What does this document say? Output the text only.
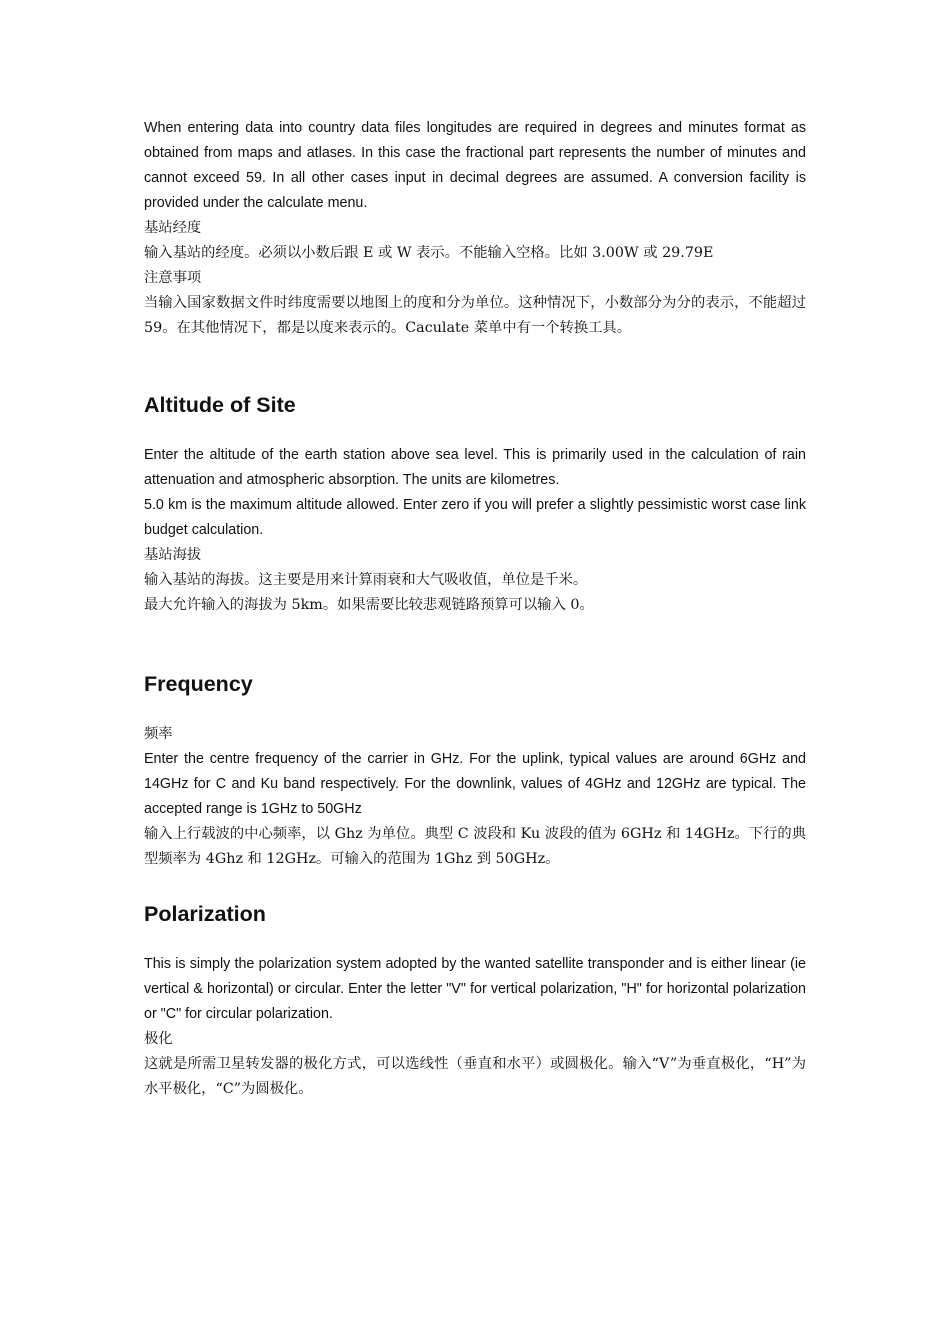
When entering data into country data files longitudes are required in degrees and minutes format as obtained from maps and atlases. In this case the fractional part represents the number of minutes and cannot exceed 59. In all other cases input in decimal degrees are assumed. A conversion facility is provided under the calculate menu.

基站经度

输入基站的经度。必须以小数后跟 E 或 W 表示。不能输入空格。比如 3.00W 或 29.79E

注意事项

当输入国家数据文件时纬度需要以地图上的度和分为单位。这种情况下，小数部分为分的表示，不能超过 59。在其他情况下，都是以度来表示的。Caculate 菜单中有一个转换工具。

Altitude of Site

Enter the altitude of the earth station above sea level. This is primarily used in the calculation of rain attenuation and atmospheric absorption. The units are kilometres.

5.0 km is the maximum altitude allowed. Enter zero if you will prefer a slightly pessimistic worst case link budget calculation.

基站海拔

输入基站的海拔。这主要是用来计算雨衰和大气吸收值，单位是千米。

最大允许输入的海拔为 5km。如果需要比较悲观链路预算可以输入 0。

Frequency

频率

Enter the centre frequency of the carrier in GHz. For the uplink, typical values are around 6GHz and 14GHz for C and Ku band respectively. For the downlink, values of 4GHz and 12GHz are typical. The accepted range is 1GHz to 50GHz

输入上行载波的中心频率，以 Ghz 为单位。典型 C 波段和 Ku 波段的值为 6GHz 和 14GHz。下行的典型频率为 4Ghz 和 12GHz。可输入的范围为 1Ghz 到 50GHz。

Polarization

This is simply the polarization system adopted by the wanted satellite transponder and is either linear (ie vertical & horizontal) or circular. Enter the letter "V" for vertical polarization, "H" for horizontal polarization or "C" for circular polarization.

极化

这就是所需卫星转发器的极化方式，可以选线性（垂直和水平）或圆极化。输入“V”为垂直极化，“H”为水平极化，“C”为圆极化。
